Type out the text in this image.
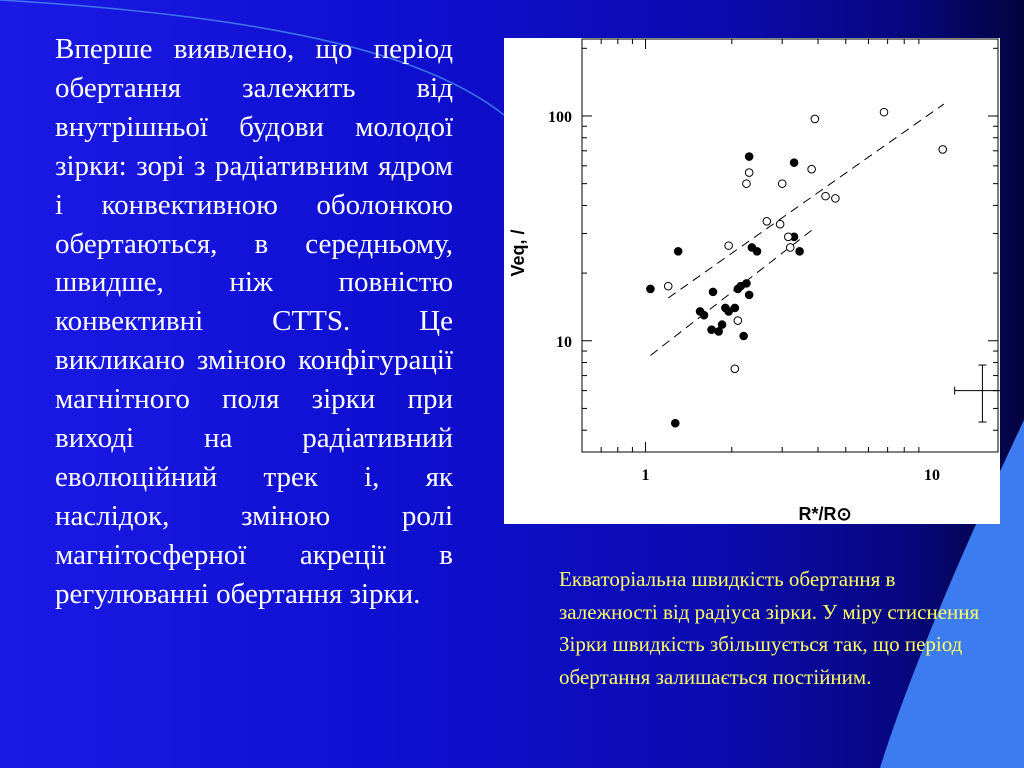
Вперше виявлено, що період обертання залежить від внутрішньої будови молодої зірки: зорі з радіативним ядром і конвективною оболонкою обертаються, в середньому, швидше, ніж повністю конвективні CTTS. Це викликано зміною конфігурації магнітного поля зірки при виході на радіативний еволюційний трек і, як наслідок, зміною ролі магнітосферної акреції в регулюванні обертання зірки.
1	10
10
100
R*/R⊙
Veq, /
Екваторіальна швидкість обертання в залежності від радіуса зірки. У міру стиснення Зірки швидкість збільшується так, що період обертання залишається постійним.
